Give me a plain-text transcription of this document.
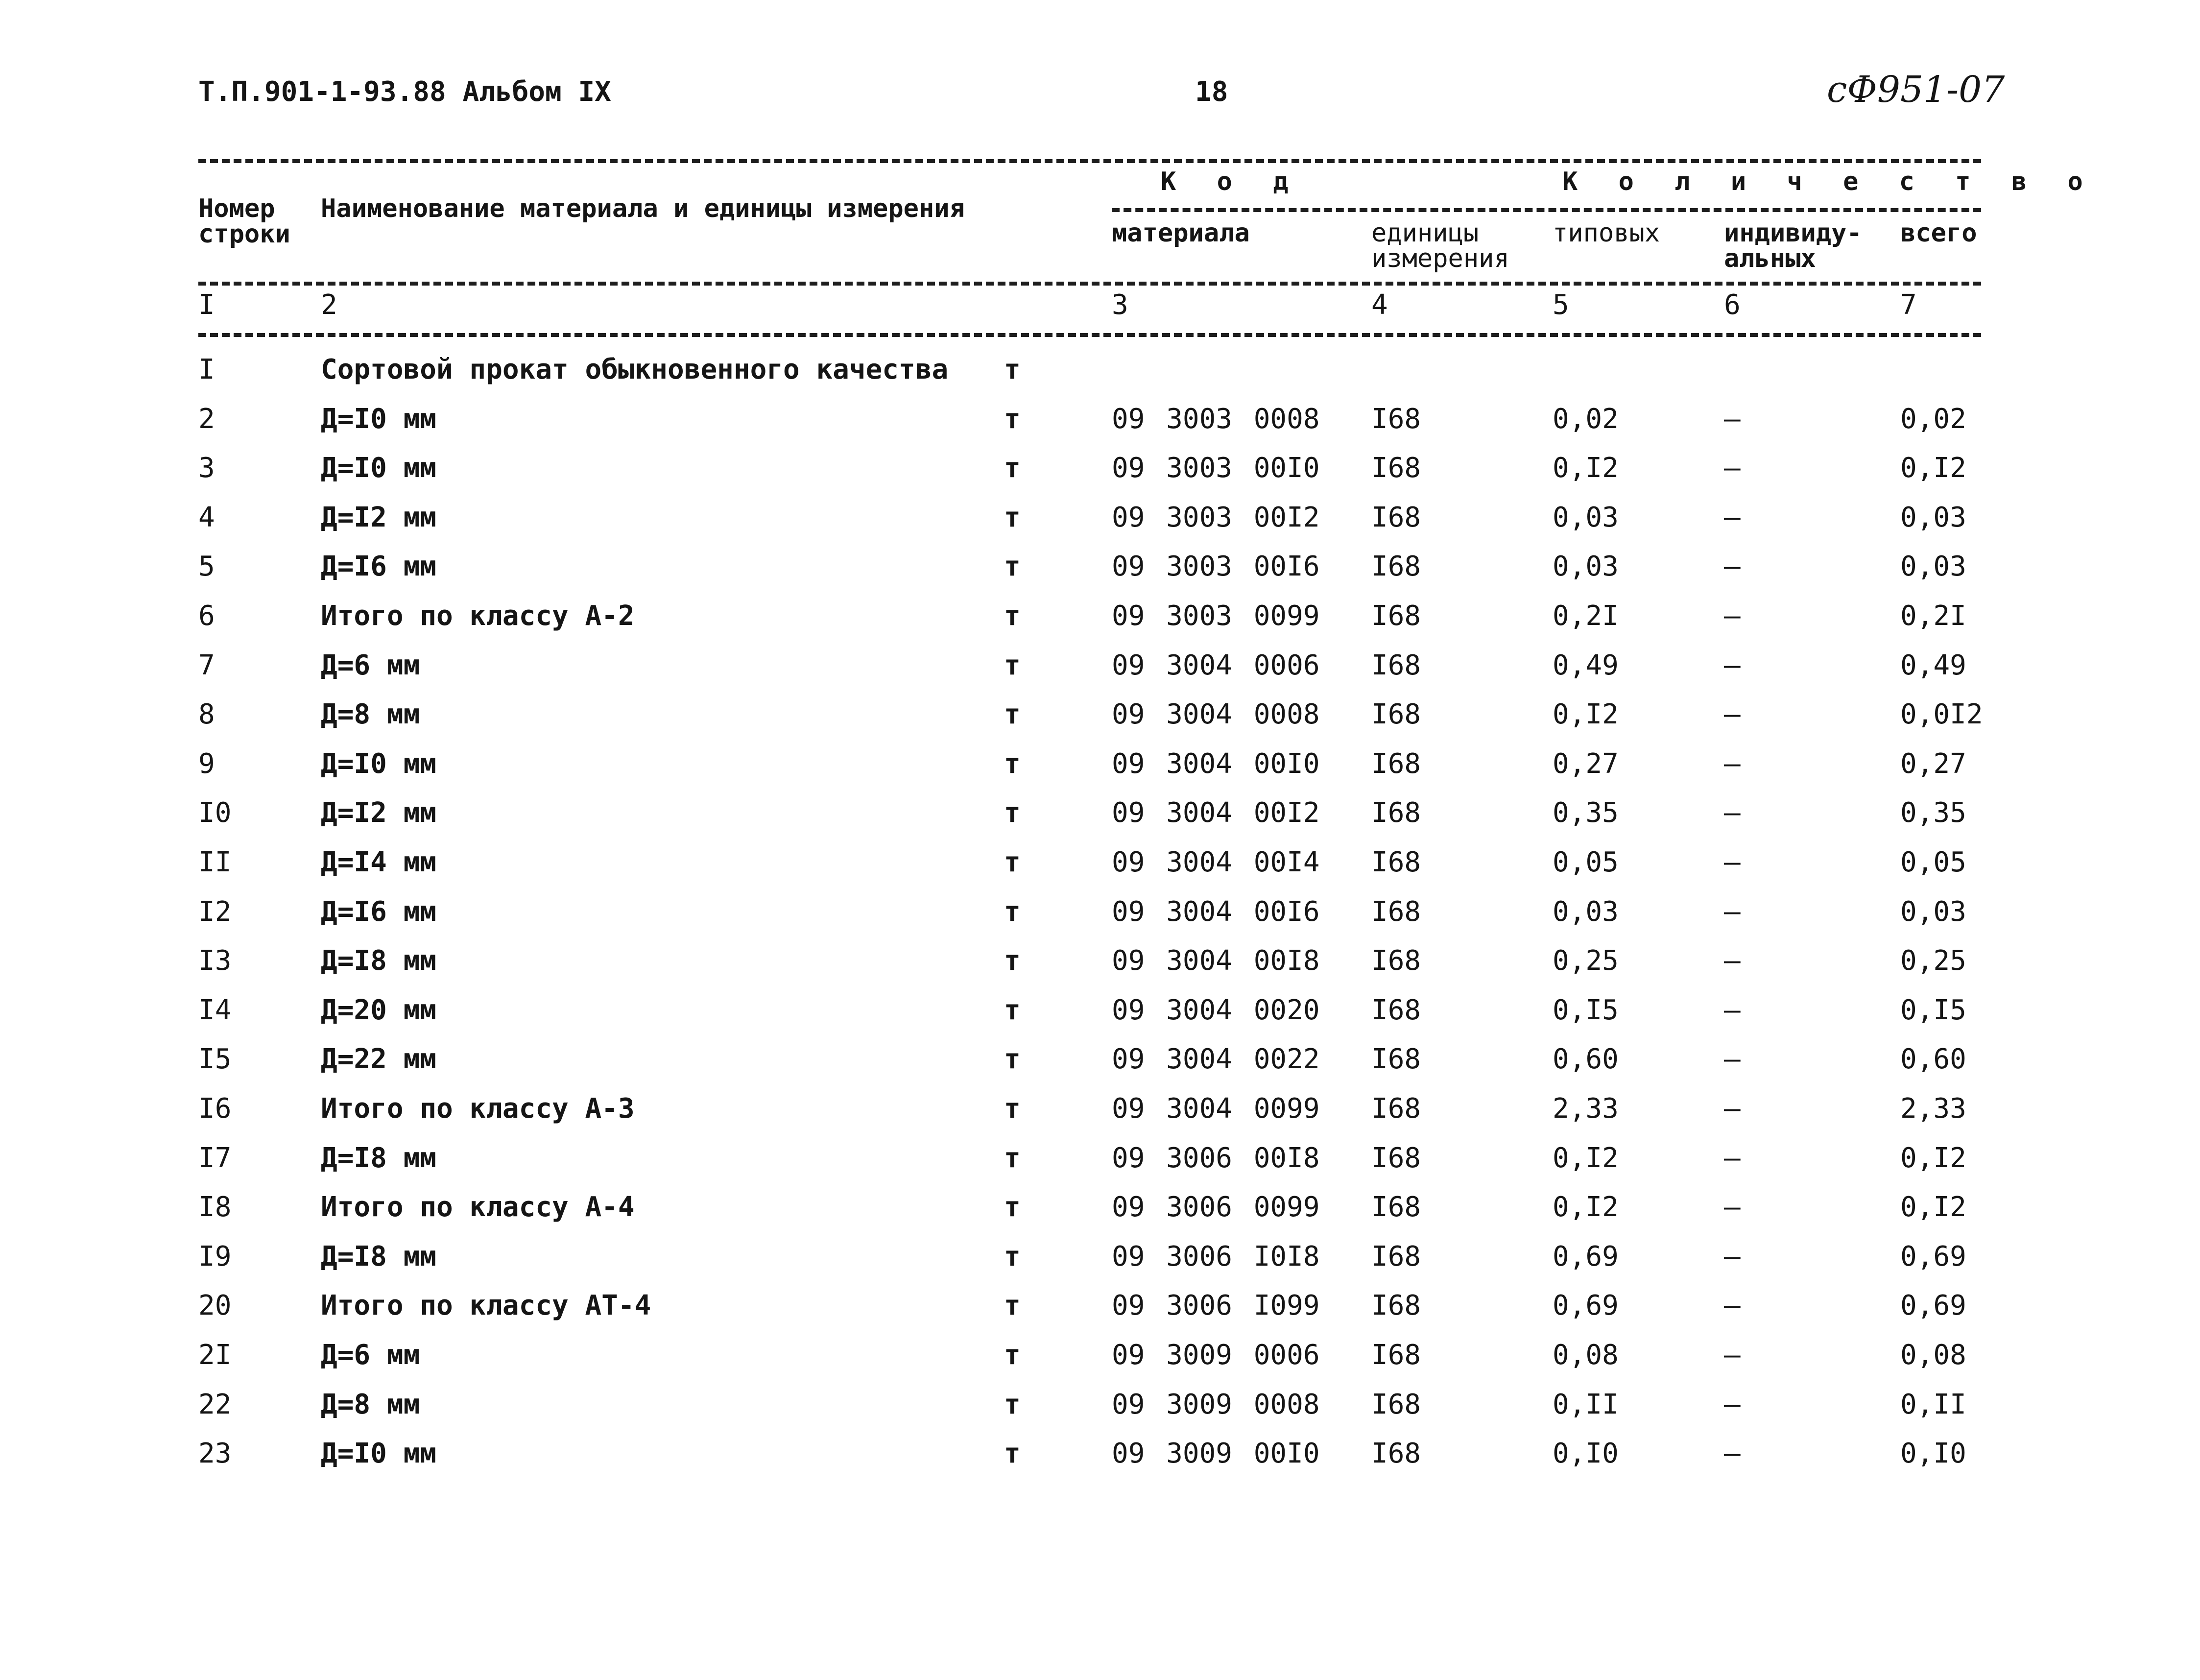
Т.П.901-1-93.88 Альбом IX	18	сФ951-07
Номер
строки
Наименование материала и единицы измерения
К о д	К о л и ч е с т в о
материала	единицы
измерения
типовых	индивиду-
альных
всего
I	2	3	4	5	6	7
I	Сортовой прокат обыкновенного качества т
2	Д=I0 мм	т	09 3003 0008 I68	0,02	–	0,02
3	Д=I0 мм	т	09 3003 00I0 I68	0,I2	–	0,I2
4	Д=I2 мм	т	09 3003 00I2 I68	0,03	–	0,03
5	Д=I6 мм	т	09 3003 00I6 I68	0,03	–	0,03
6	Итого по классу А-2	т	09 3003 0099 I68	0,2I	–	0,2I
7	Д=6 мм	т	09 3004 0006 I68	0,49	–	0,49
8	Д=8 мм	т	09 3004 0008 I68	0,I2	–	0,0I2
9	Д=I0 мм	т	09 3004 00I0 I68	0,27	–	0,27
I0	Д=I2 мм	т	09 3004 00I2 I68	0,35	–	0,35
II	Д=I4 мм	т	09 3004 00I4 I68	0,05	–	0,05
I2	Д=I6 мм	т	09 3004 00I6 I68	0,03	–	0,03
I3	Д=I8 мм	т	09 3004 00I8 I68	0,25	–	0,25
I4	Д=20 мм	т	09 3004 0020 I68	0,I5	–	0,I5
I5	Д=22 мм	т	09 3004 0022 I68	0,60	–	0,60
I6	Итого по классу А-3	т	09 3004 0099 I68	2,33	–	2,33
I7	Д=I8 мм	т	09 3006 00I8 I68	0,I2	–	0,I2
I8	Итого по классу А-4	т	09 3006 0099 I68	0,I2	–	0,I2
I9	Д=I8 мм	т	09 3006 I0I8 I68	0,69	–	0,69
20	Итого по классу АТ-4	т	09 3006 I099 I68	0,69	–	0,69
2I	Д=6 мм	т	09 3009 0006 I68	0,08	–	0,08
22	Д=8 мм	т	09 3009 0008 I68	0,II	–	0,II
23	Д=I0 мм	т	09 3009 00I0 I68	0,I0	–	0,I0
